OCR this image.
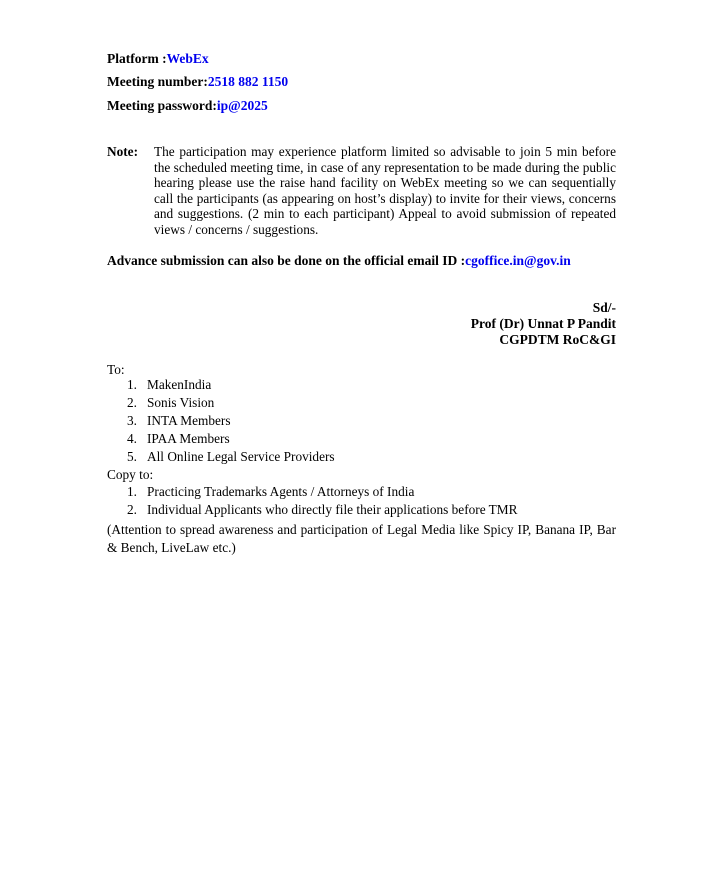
Platform :WebEx
Meeting number:2518 882 1150
Meeting password:ip@2025
Note: The participation may experience platform limited so advisable to join 5 min before the scheduled meeting time, in case of any representation to be made during the public hearing please use the raise hand facility on WebEx meeting so we can sequentially call the participants (as appearing on host’s display) to invite for their views, concerns and suggestions. (2 min to each participant) Appeal to avoid submission of repeated views / concerns / suggestions.
Advance submission can also be done on the official email ID :cgoffice.in@gov.in
Sd/-
Prof (Dr) Unnat P Pandit
CGPDTM RoC&GI
To:
1. MakenIndia
2. Sonis Vision
3. INTA Members
4. IPAA Members
5. All Online Legal Service Providers
Copy to:
1. Practicing Trademarks Agents / Attorneys of India
2. Individual Applicants who directly file their applications before TMR
(Attention to spread awareness and participation of Legal Media like Spicy IP, Banana IP, Bar & Bench, LiveLaw etc.)
